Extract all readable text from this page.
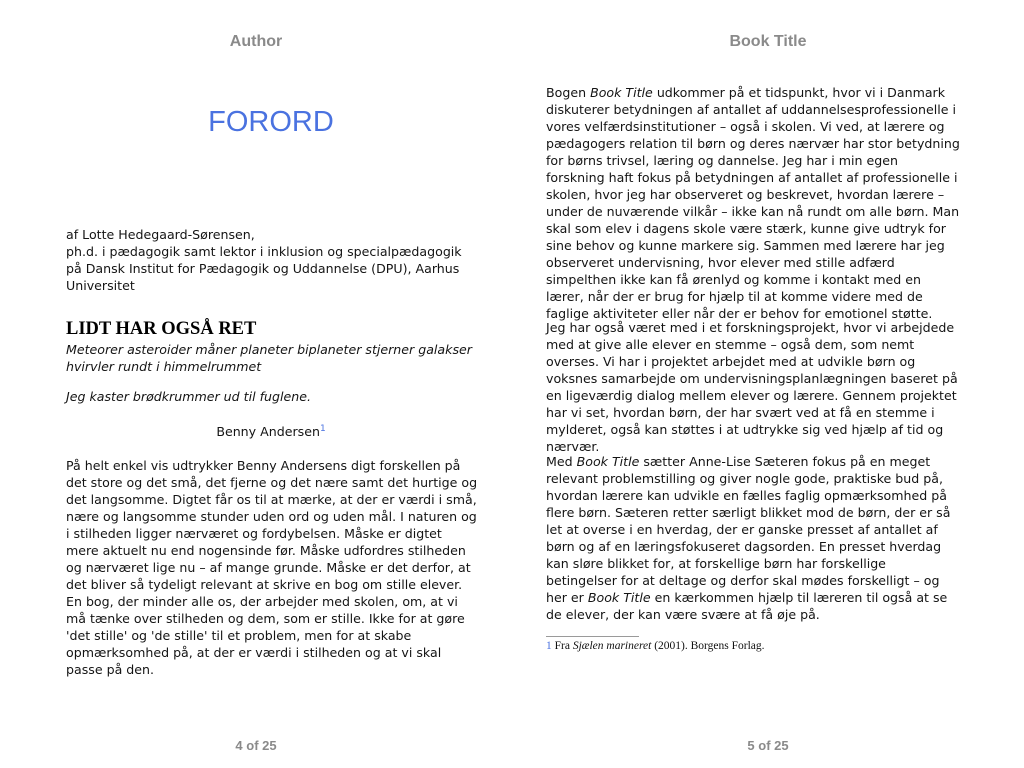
Author
FORORD

af Lotte Hedegaard-Sørensen,
ph.d. i pædagogik samt lektor i inklusion og specialpædagogik på Dansk Institut for Pædagogik og Uddannelse (DPU), Aarhus Universitet

LIDT HAR OGSÅ RET

Meteorer asteroider måner planeter biplaneter stjerner galakser hvirvler rundt i himmelrummet

Jeg kaster brødkrummer ud til fuglene.

Benny Andersen$^1$

På helt enkel vis udtrykker Benny Andersens digt forskellen på det store og det små, det fjerne og det nære samt det hurtige og det langsomme. Digtet får os til at mærke, at der er værdi i små, nære og langsomme stunder uden ord og uden mål. I naturen og i stilheden ligger nærværet og fordybelsen. Måske er digtet mere aktuelt nu end nogensinde før. Måske udfordres stilheden og nærværet lige nu – af mange grunde. Måske er det derfor, at det bliver så tydeligt relevant at skrive en bog om stille elever. En bog, der minder alle os, der arbejder med skolen, om, at vi må tænke over stilheden og dem, som er stille. Ikke for at gøre 'det stille' og 'de stille' til et problem, men for at skabe opmærksomhed på, at der er værdi i stilheden og at vi skal passe på den.

4 of 25
Book Title
5 of 25

Bogen Book Title udkommer på et tidspunkt, hvor vi i Danmark diskuterer betydningen af antallet af uddannelsesprofessionelle i vores velfærdsinstitutioner – også i skolen. Vi ved, at lærere og pædagogers relation til børn og deres nærvær har stor betydning for børns trivsel, læring og dannelse. Jeg har i min egen forskning haft fokus på betydningen af antallet af professionelle i skolen, hvor jeg har observeret og beskrevet, hvordan lærere – under de nuværende vilkår – ikke kan nå rundt om alle børn. Man skal som elev i dagens skole være stærk, kunne give udtryk for sine behov og kunne markere sig. Sammen med lærere har jeg observeret undervisning, hvor elever med stille adfærd simpelthen ikke kan få ørenlyd og komme i kontakt med en lærer, når der er brug for hjælp til at komme videre med de faglige aktiviteter eller når der er behov for emotionel støtte.

Jeg har også været med i et forskningsprojekt, hvor vi arbejdede med at give alle elever en stemme – også dem, som nemt overses. Vi har i projektet arbejdet med at udvikle børn og voksnes samarbejde om undervisningsplanlægningen baseret på en ligeværdig dialog mellem elever og lærere. Gennem projektet har vi set, hvordan børn, der har svært ved at få en stemme i mylderet, også kan støttes i at udtrykke sig ved hjælp af tid og nærvær.

Med Book Title sætter Anne-Lise Sæteren fokus på en meget relevant problemstilling og giver nogle gode, praktiske bud på, hvordan lærere kan udvikle en fælles faglig opmærksomhed på flere børn. Sæteren retter særligt blikket mod de børn, der er så let at overse i en hverdag, der er ganske presset af antallet af børn og af en læringsfokuseret dagsorden. En presset hverdag kan sløre blikket for, at forskellige børn har forskellige betingelser for at deltage og derfor skal mødes forskelligt – og her er Book Title en kærkommen hjælp til læreren til også at se de elever, der kan være svære at få øje på.

1 Fra Sjælen marineret (2001). Borgens Forlag.
